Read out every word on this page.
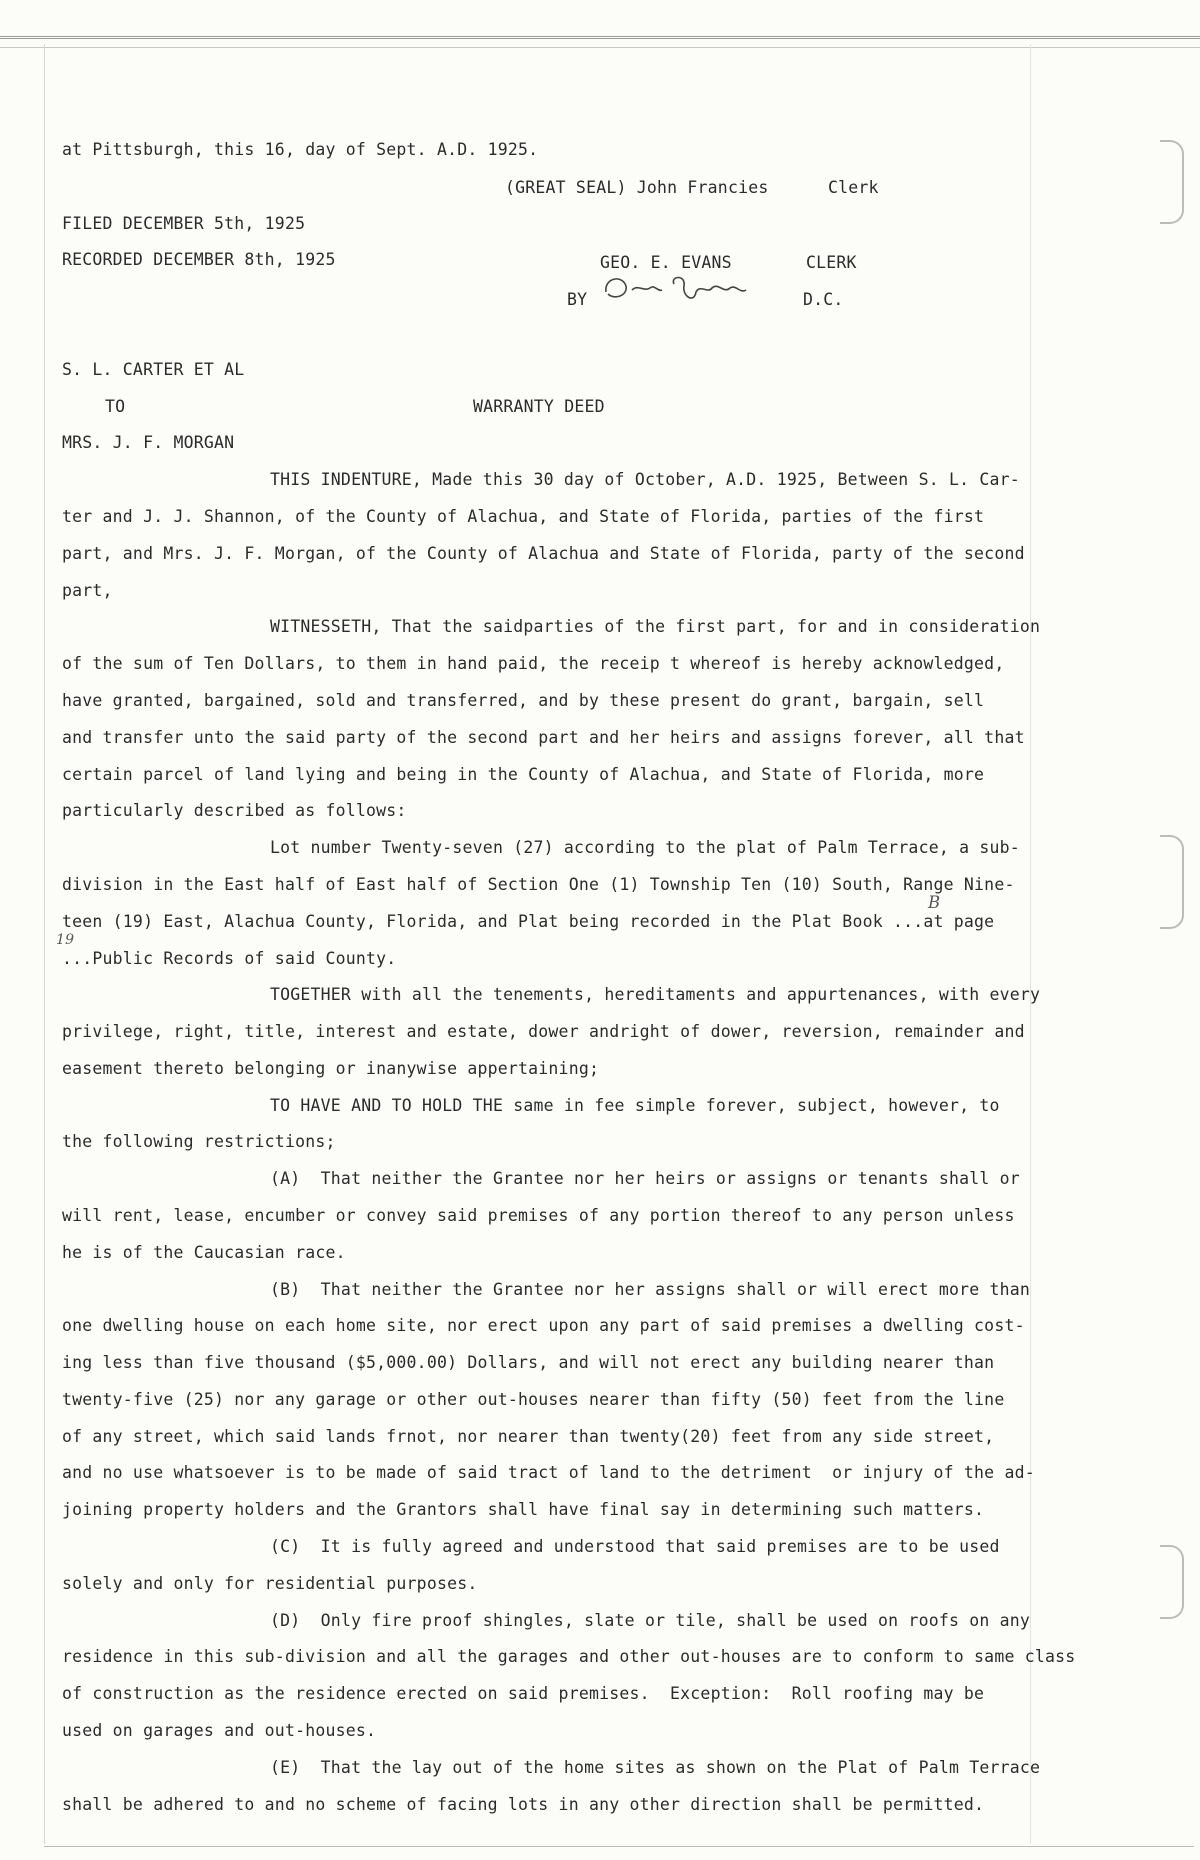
at Pittsburgh, this 16, day of Sept. A.D. 1925.
(GREAT SEAL) John Francies	Clerk
FILED DECEMBER 5th, 1925
RECORDED DECEMBER 8th, 1925	GEO. E. EVANS	CLERK
BY	D.C.
S. L. CARTER ET AL
TO	WARRANTY DEED
MRS. J. F. MORGAN
THIS INDENTURE, Made this 30 day of October, A.D. 1925, Between S. L. Car-
ter and J. J. Shannon, of the County of Alachua, and State of Florida, parties of the first
part, and Mrs. J. F. Morgan, of the County of Alachua and State of Florida, party of the second
part,
WITNESSETH, That the saidparties of the first part, for and in consideration
of the sum of Ten Dollars, to them in hand paid, the receip t whereof is hereby acknowledged,
have granted, bargained, sold and transferred, and by these present do grant, bargain, sell
and transfer unto the said party of the second part and her heirs and assigns forever, all that
certain parcel of land lying and being in the County of Alachua, and State of Florida, more
particularly described as follows:
Lot number Twenty-seven (27) according to the plat of Palm Terrace, a sub-
division in the East half of East half of Section One (1) Township Ten (10) South, Range Nine-
teen (19) East, Alachua County, Florida, and Plat being recorded in the Plat Book ...at page
...Public Records of said County.
TOGETHER with all the tenements, hereditaments and appurtenances, with every
privilege, right, title, interest and estate, dower andright of dower, reversion, remainder and
easement thereto belonging or inanywise appertaining;
TO HAVE AND TO HOLD THE same in fee simple forever, subject, however, to
the following restrictions;
(A)  That neither the Grantee nor her heirs or assigns or tenants shall or
will rent, lease, encumber or convey said premises of any portion thereof to any person unless
he is of the Caucasian race.
(B)  That neither the Grantee nor her assigns shall or will erect more than
one dwelling house on each home site, nor erect upon any part of said premises a dwelling cost-
ing less than five thousand ($5,000.00) Dollars, and will not erect any building nearer than
twenty-five (25) nor any garage or other out-houses nearer than fifty (50) feet from the line
of any street, which said lands frnot, nor nearer than twenty(20) feet from any side street,
and no use whatsoever is to be made of said tract of land to the detriment  or injury of the ad-
joining property holders and the Grantors shall have final say in determining such matters.
(C)  It is fully agreed and understood that said premises are to be used
solely and only for residential purposes.
(D)  Only fire proof shingles, slate or tile, shall be used on roofs on any
residence in this sub-division and all the garages and other out-houses are to conform to same class
of construction as the residence erected on said premises.  Exception:  Roll roofing may be
used on garages and out-houses.
(E)  That the lay out of the home sites as shown on the Plat of Palm Terrace
shall be adhered to and no scheme of facing lots in any other direction shall be permitted.
B
19
